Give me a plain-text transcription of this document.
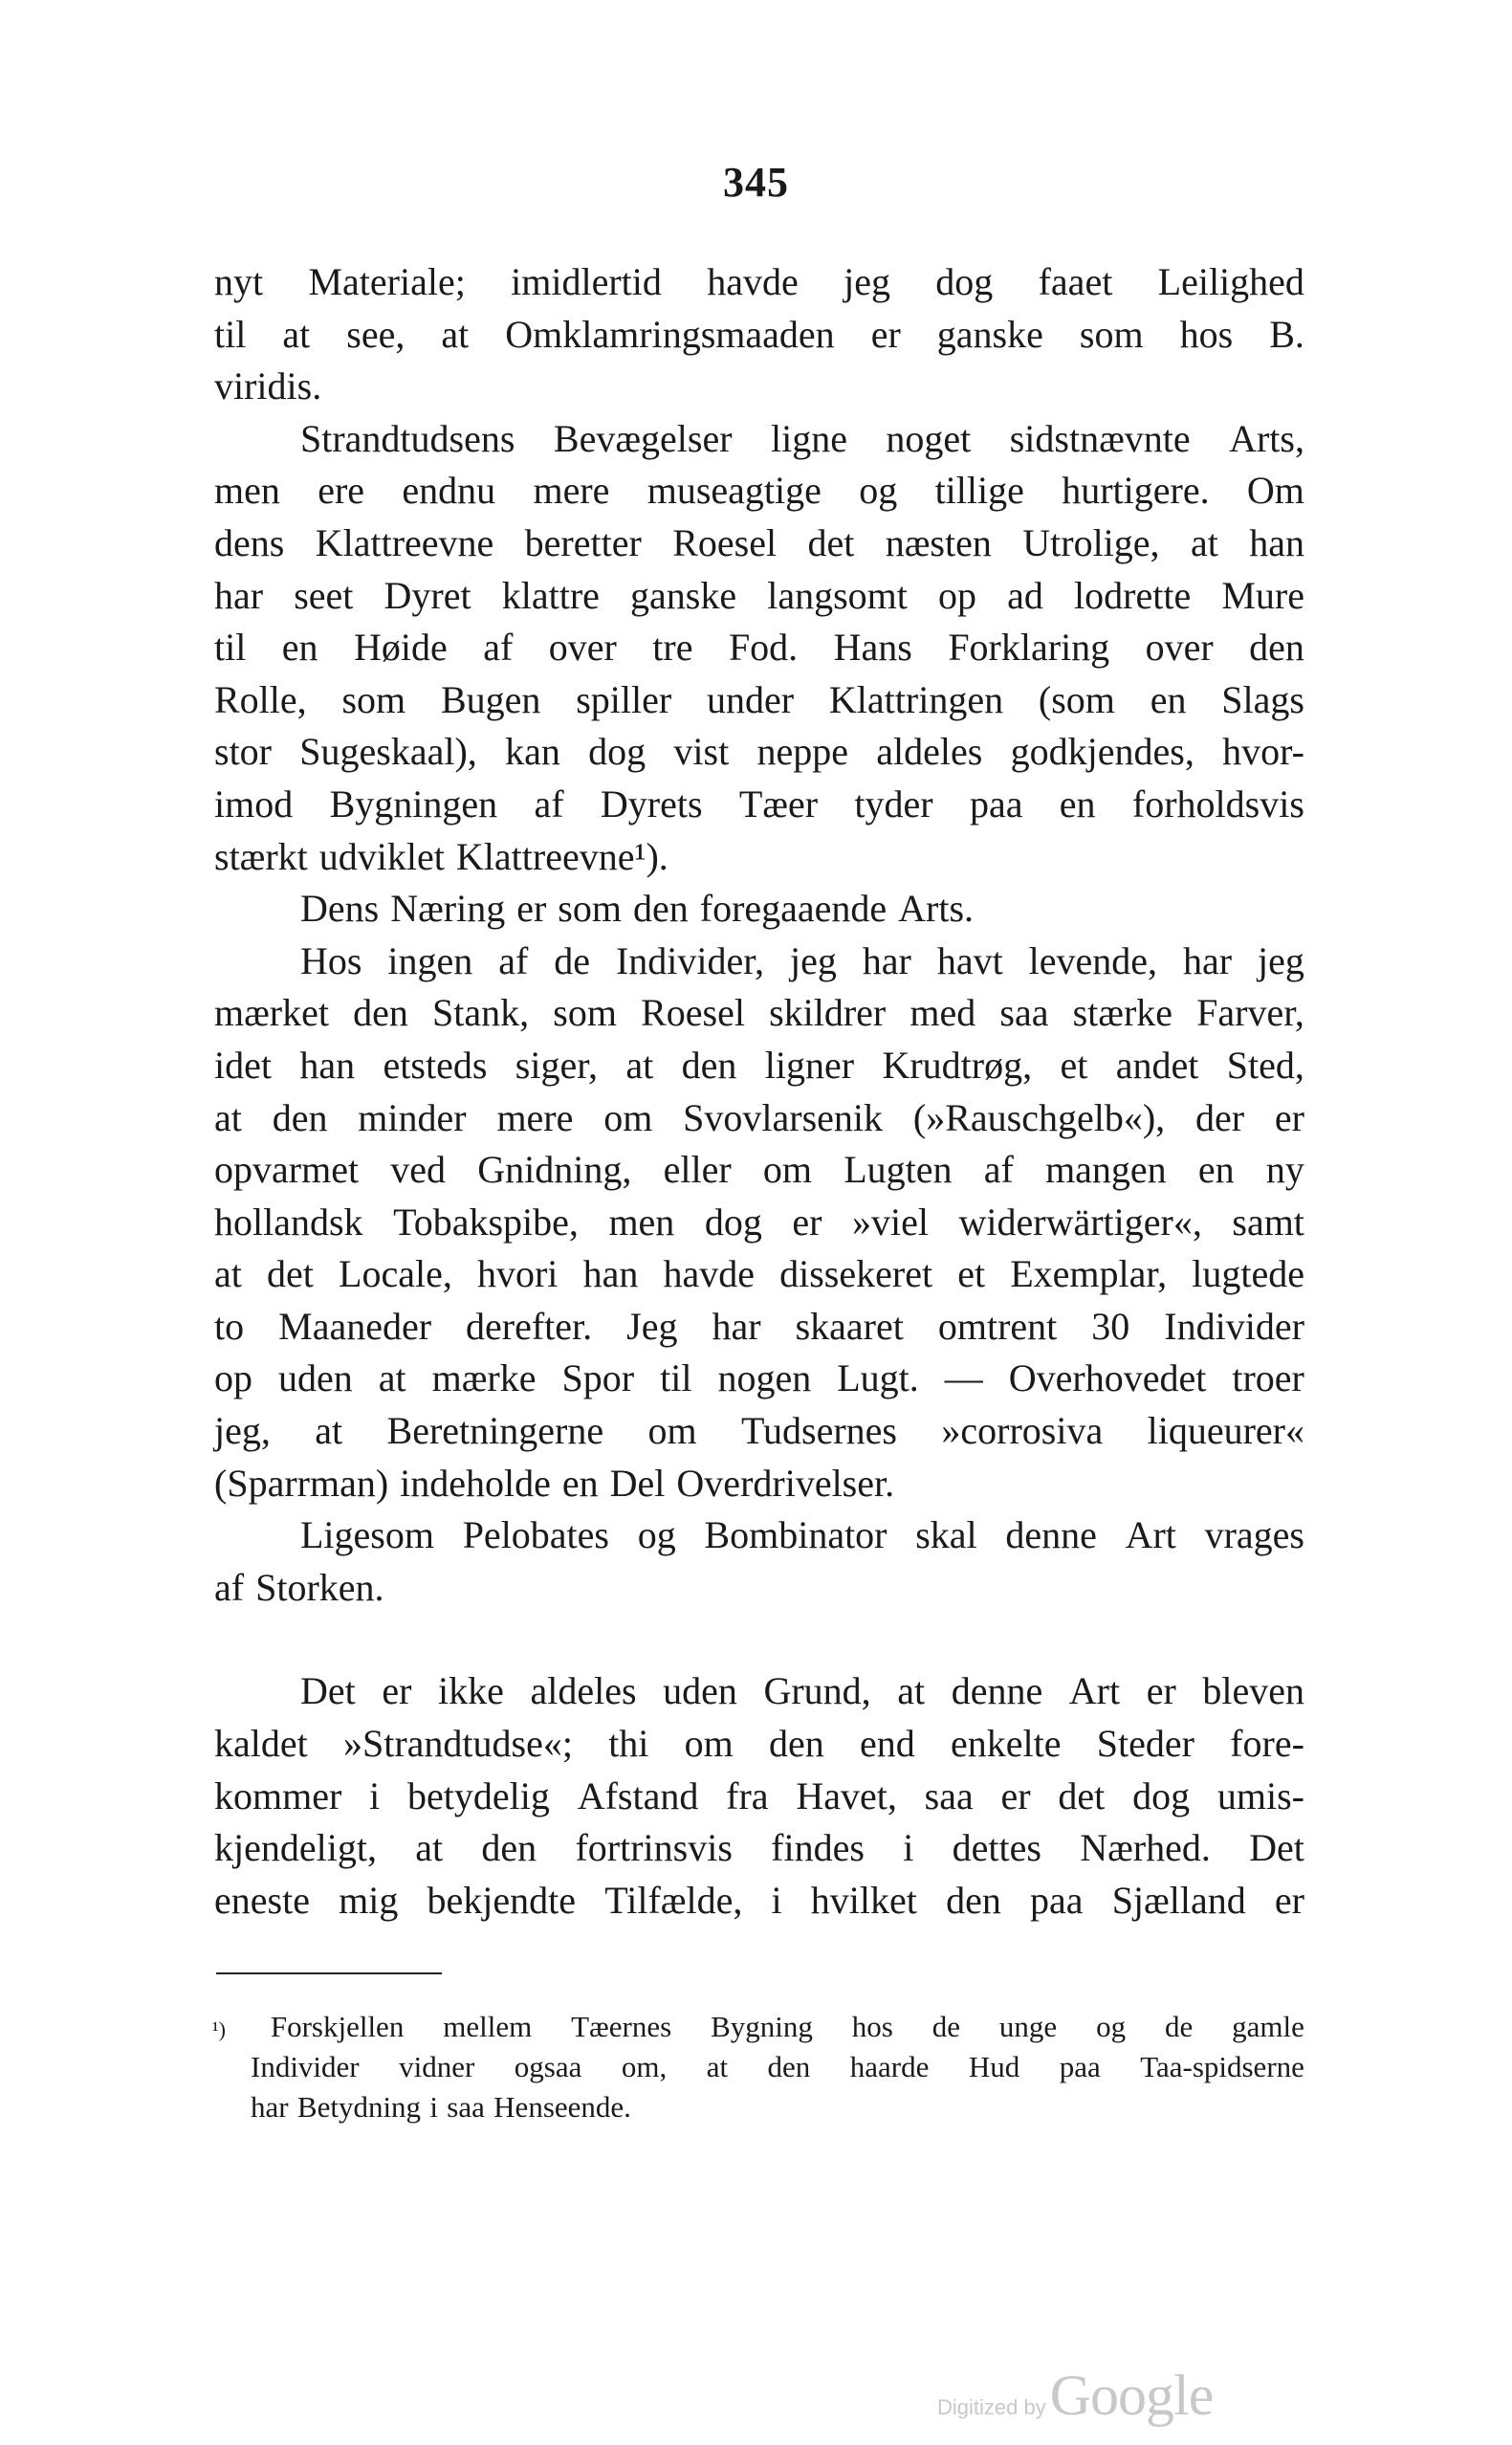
345
nyt Materiale; imidlertid havde jeg dog faaet Leilighed
til at see, at Omklamringsmaaden er ganske som hos B.
viridis.
Strandtudsens Bevægelser ligne noget sidstnævnte Arts,
men ere endnu mere museagtige og tillige hurtigere. Om
dens Klattreevne beretter Roesel det næsten Utrolige, at han
har seet Dyret klattre ganske langsomt op ad lodrette Mure
til en Høide af over tre Fod. Hans Forklaring over den
Rolle, som Bugen spiller under Klattringen (som en Slags
stor Sugeskaal), kan dog vist neppe aldeles godkjendes, hvor-
imod Bygningen af Dyrets Tæer tyder paa en forholdsvis
stærkt udviklet Klattreevne¹).
Dens Næring er som den foregaaende Arts.
Hos ingen af de Individer, jeg har havt levende, har jeg
mærket den Stank, som Roesel skildrer med saa stærke Farver,
idet han etsteds siger, at den ligner Krudtrøg, et andet Sted,
at den minder mere om Svovlarsenik (»Rauschgelb«), der er
opvarmet ved Gnidning, eller om Lugten af mangen en ny
hollandsk Tobakspibe, men dog er »viel widerwärtiger«, samt
at det Locale, hvori han havde dissekeret et Exemplar, lugtede
to Maaneder derefter. Jeg har skaaret omtrent 30 Individer
op uden at mærke Spor til nogen Lugt. — Overhovedet troer
jeg, at Beretningerne om Tudsernes »corrosiva liqueurer«
(Sparrman) indeholde en Del Overdrivelser.
Ligesom Pelobates og Bombinator skal denne Art vrages
af Storken.
Det er ikke aldeles uden Grund, at denne Art er bleven
kaldet »Strandtudse«; thi om den end enkelte Steder fore-
kommer i betydelig Afstand fra Havet, saa er det dog umis-
kjendeligt, at den fortrinsvis findes i dettes Nærhed. Det
eneste mig bekjendte Tilfælde, i hvilket den paa Sjælland er
¹) Forskjellen mellem Tæernes Bygning hos de unge og de gamle
Individer vidner ogsaa om, at den haarde Hud paa Taa-spidserne
har Betydning i saa Henseende.
Digitized by Google
